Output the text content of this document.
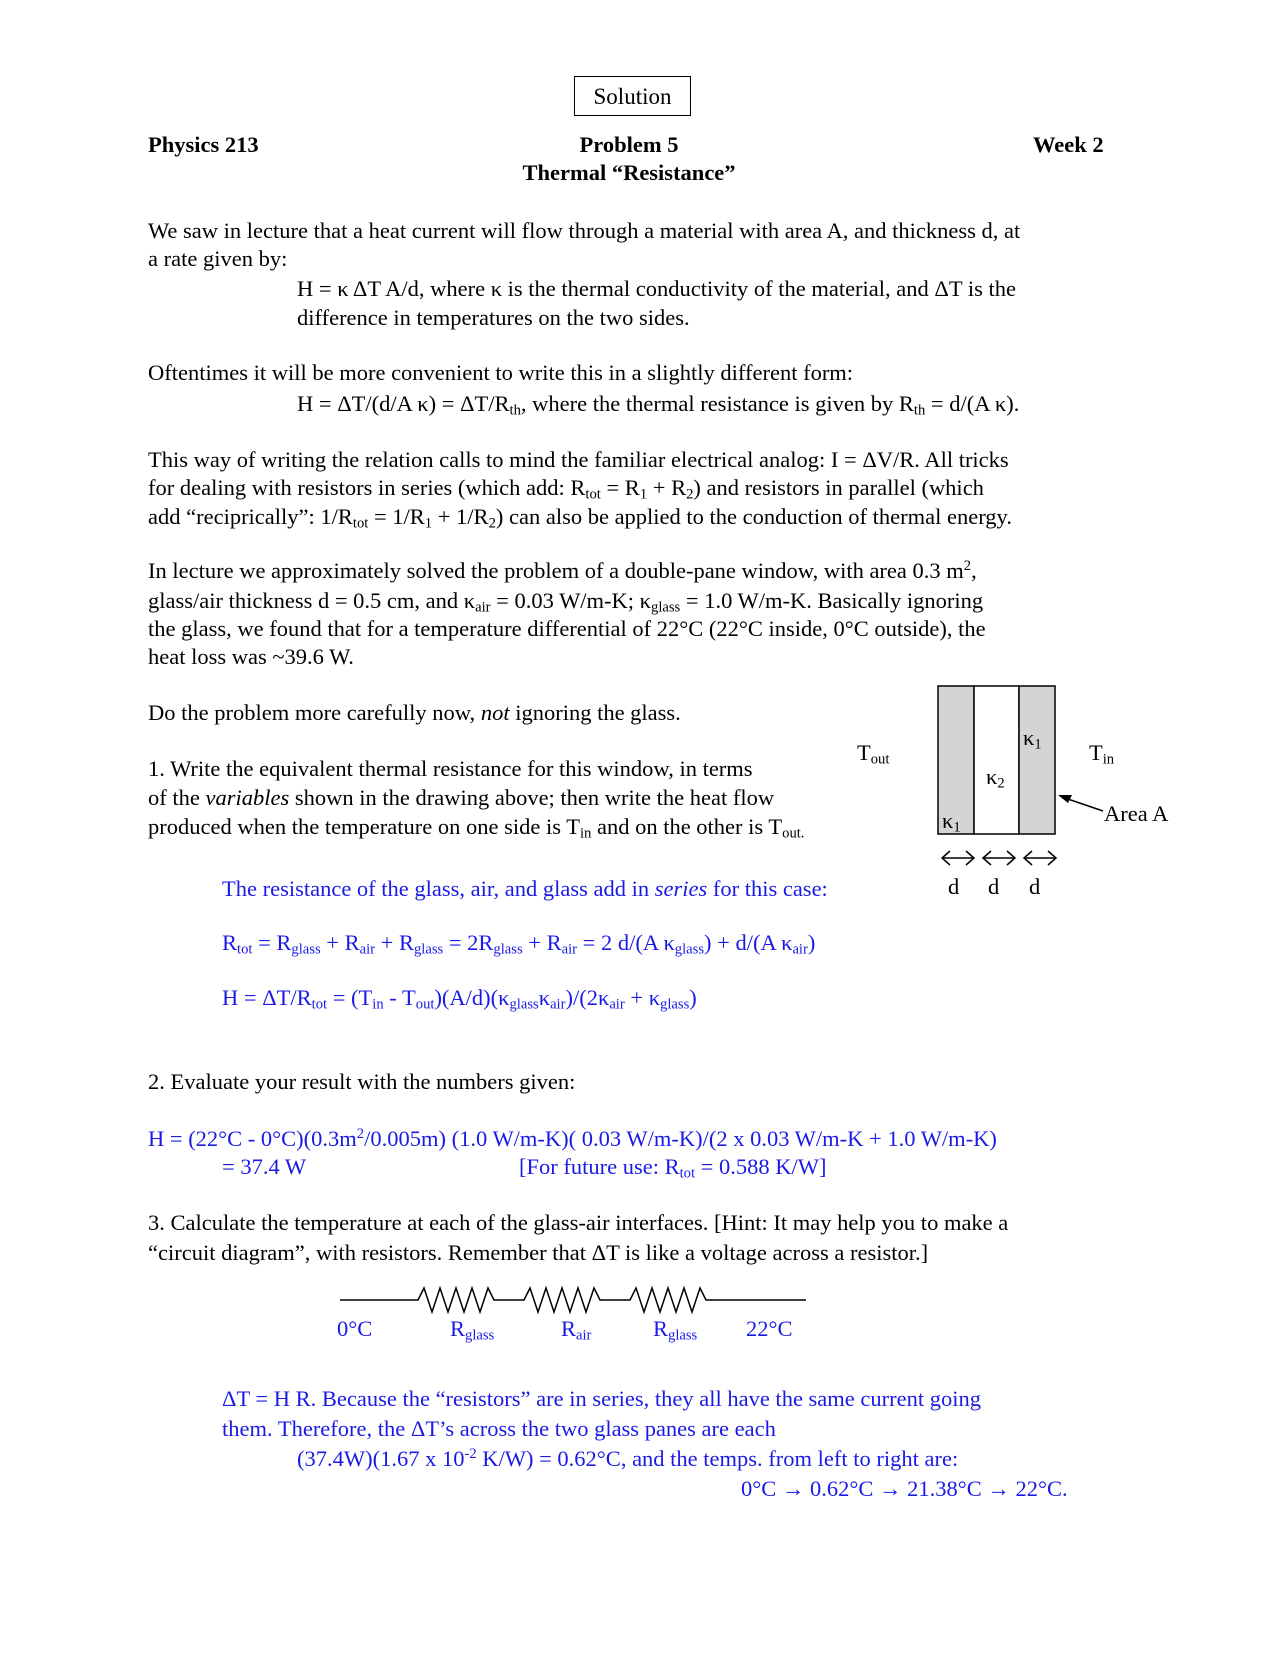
Solution
Physics 213	Problem 5	Week 2
Thermal “Resistance”
We saw in lecture that a heat current will flow through a material with area A, and thickness d, at
a rate given by:
H = κ ΔT A/d, where κ is the thermal conductivity of the material, and ΔT is the
difference in temperatures on the two sides.
Oftentimes it will be more convenient to write this in a slightly different form:
H = ΔT/(d/A $\kappa) = \Delta T/R_{th}$, where the thermal resistance is given by $R_{th} = d/(A$ κ).
This way of writing the relation calls to mind the familiar electrical analog: I = ΔV/R. All tricks
for dealing with resistors in series (which add: $R_{tot} = R_1 + R_2$) and resistors in parallel (which
add “reciprically”: $1/R_{tot} = 1/R_1 + 1/R_2$) can also be applied to the conduction of thermal energy.
In lecture we approximately solved the problem of a double-pane window, with area 0.3 $m^2$,
glass/air thickness d = 0.5 cm, and $\kappa_{air} = 0.03$ W/m-K; $\kappa_{glass} = 1.0$ W/m-K. Basically ignoring
the glass, we found that for a temperature differential of 22°C (22°C inside, 0°C outside), the
heat loss was ~39.6 W.
Do the problem more carefully now, not ignoring the glass.
1. Write the equivalent thermal resistance for this window, in terms
of the variables shown in the drawing above; then write the heat flow
produced when the temperature on one side is $T_{in}$ and on the other is $T_{out.}$
$T_{out}$	$T_{in}$
$\kappa_1$
$\kappa_2$
$\kappa_1$
Area A
d d d
The resistance of the glass, air, and glass add in series for this case:
$R_{tot} = R_{glass} + R_{air} + R_{glass} = 2R_{glass} + R_{air} = 2$ d/(A $\kappa_{glass}) + d/(A$ $\kappa_{air}$)
$H = \Delta T/R_{tot} = (T_{in} - T_{out})(A/d)(\kappa_{glass}\kappa_{air})/(2\kappa_{air} + \kappa_{glass})$
2. Evaluate your result with the numbers given:
$H = (22^\circ C - 0^\circ C)(0.3m^2/0.005m)$ (1.0 W/m-K)( 0.03 W/m-K)/(2 x 0.03 W/m-K + 1.0 W/m-K)
= 37.4 W	[For future use: $R_{tot} = 0.588$ K/W]
3. Calculate the temperature at each of the glass-air interfaces. [Hint: It may help you to make a
“circuit diagram”, with resistors. Remember that ΔT is like a voltage across a resistor.]
0°C	$R_{glass}$	$R_{air}$	$R_{glass}$ 22°C
ΔT = H R. Because the “resistors” are in series, they all have the same current going
them. Therefore, the ΔT’s across the two glass panes are each
(37.4W)(1.67 x $10^{-2}$ K/W) = 0.62°C, and the temps. from left to right are:
0°C → 0.62°C → 21.38°C → 22°C.
